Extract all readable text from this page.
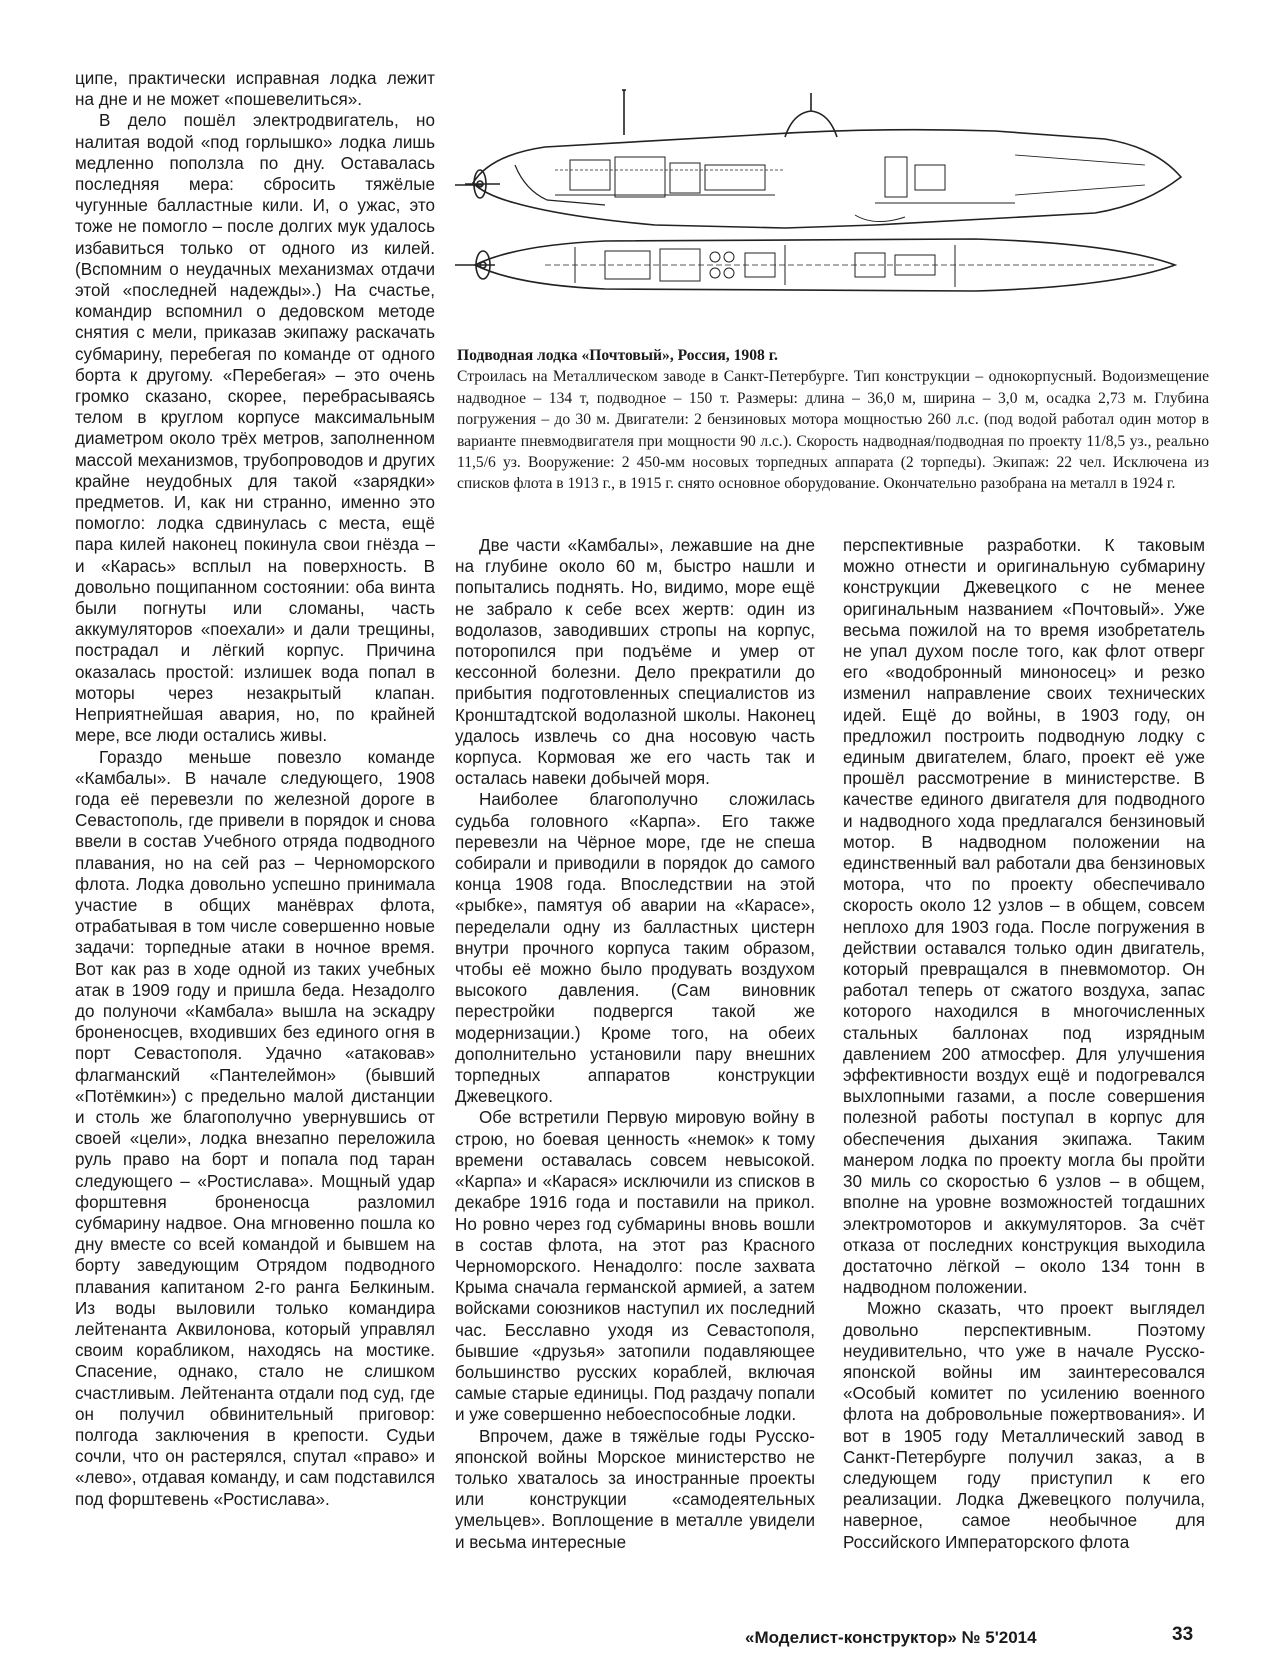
ципе, практически исправная лодка лежит на дне и не может «пошевелиться».

В дело пошёл электродвигатель, но налитая водой «под горлышко» лодка лишь медленно поползла по дну. Оставалась последняя мера: сбросить тяжёлые чугунные балластные кили. И, о ужас, это тоже не помогло – после долгих мук удалось избавиться только от одного из килей. (Вспомним о неудачных механизмах отдачи этой «последней надежды».) На счастье, командир вспомнил о дедовском методе снятия с мели, приказав экипажу раскачать субмарину, перебегая по команде от одного борта к другому. «Перебегая» – это очень громко сказано, скорее, перебрасываясь телом в круглом корпусе максимальным диаметром около трёх метров, заполненном массой механизмов, трубопроводов и других крайне неудобных для такой «зарядки» предметов. И, как ни странно, именно это помогло: лодка сдвинулась с места, ещё пара килей наконец покинула свои гнёзда – и «Карась» всплыл на поверхность. В довольно пощипанном состоянии: оба винта были погнуты или сломаны, часть аккумуляторов «поехали» и дали трещины, пострадал и лёгкий корпус. Причина оказалась простой: излишек вода попал в моторы через незакрытый клапан. Неприятнейшая авария, но, по крайней мере, все люди остались живы.

Гораздо меньше повезло команде «Камбалы». В начале следующего, 1908 года её перевезли по железной дороге в Севастополь, где привели в порядок и снова ввели в состав Учебного отряда подводного плавания, но на сей раз – Черноморского флота. Лодка довольно успешно принимала участие в общих манёврах флота, отрабатывая в том числе совершенно новые задачи: торпедные атаки в ночное время. Вот как раз в ходе одной из таких учебных атак в 1909 году и пришла беда. Незадолго до полуночи «Камбала» вышла на эскадру броненосцев, входивших без единого огня в порт Севастополя. Удачно «атаковав» флагманский «Пантелеймон» (бывший «Потёмкин») с предельно малой дистанции и столь же благополучно увернувшись от своей «цели», лодка внезапно переложила руль право на борт и попала под таран следующего – «Ростислава». Мощный удар форштевня броненосца разломил субмарину надвое. Она мгновенно пошла ко дну вместе со всей командой и бывшем на борту заведующим Отрядом подводного плавания капитаном 2-го ранга Белкиным. Из воды выловили только командира лейтенанта Аквилонова, который управлял своим корабликом, находясь на мостике. Спасение, однако, стало не слишком счастливым. Лейтенанта отдали под суд, где он получил обвинительный приговор: полгода заключения в крепости. Судьи сочли, что он растерялся, спутал «право» и «лево», отдавая команду, и сам подставился под форштевень «Ростислава».

Подводная лодка «Почтовый», Россия, 1908 г.
Строилась на Металлическом заводе в Санкт-Петербурге. Тип конструкции – однокорпусный. Водоизмещение надводное – 134 т, подводное – 150 т. Размеры: длина – 36,0 м, ширина – 3,0 м, осадка 2,73 м. Глубина погружения – до 30 м. Двигатели: 2 бензиновых мотора мощностью 260 л.с. (под водой работал один мотор в варианте пневмодвигателя при мощности 90 л.с.). Скорость надводная/подводная по проекту 11/8,5 уз., реально 11,5/6 уз. Вооружение: 2 450-мм носовых торпедных аппарата (2 торпеды). Экипаж: 22 чел. Исключена из списков флота в 1913 г., в 1915 г. снято основное оборудование. Окончательно разобрана на металл в 1924 г.

Две части «Камбалы», лежавшие на дне на глубине около 60 м, быстро нашли и попытались поднять. Но, видимо, море ещё не забрало к себе всех жертв: один из водолазов, заводивших стропы на корпус, поторопился при подъёме и умер от кессонной болезни. Дело прекратили до прибытия подготовленных специалистов из Кронштадтской водолазной школы. Наконец удалось извлечь со дна носовую часть корпуса. Кормовая же его часть так и осталась навеки добычей моря.

Наиболее благополучно сложилась судьба головного «Карпа». Его также перевезли на Чёрное море, где не спеша собирали и приводили в порядок до самого конца 1908 года. Впоследствии на этой «рыбке», памятуя об аварии на «Карасе», переделали одну из балластных цистерн внутри прочного корпуса таким образом, чтобы её можно было продувать воздухом высокого давления. (Сам виновник перестройки подвергся такой же модернизации.) Кроме того, на обеих дополнительно установили пару внешних торпедных аппаратов конструкции Джевецкого.

Обе встретили Первую мировую войну в строю, но боевая ценность «немок» к тому времени оставалась совсем невысокой. «Карпа» и «Карася» исключили из списков в декабре 1916 года и поставили на прикол. Но ровно через год субмарины вновь вошли в состав флота, на этот раз Красного Черноморского. Ненадолго: после захвата Крыма сначала германской армией, а затем войсками союзников наступил их последний час. Бесславно уходя из Севастополя, бывшие «друзья» затопили подавляющее большинство русских кораблей, включая самые старые единицы. Под раздачу попали и уже совершенно небоеспособные лодки.

Впрочем, даже в тяжёлые годы Русско-японской войны Морское министерство не только хваталось за иностранные проекты или конструкции «самодеятельных умельцев». Воплощение в металле увидели и весьма интересные

перспективные разработки. К таковым можно отнести и оригинальную субмарину конструкции Джевецкого с не менее оригинальным названием «Почтовый». Уже весьма пожилой на то время изобретатель не упал духом после того, как флот отверг его «водобронный миноносец» и резко изменил направление своих технических идей. Ещё до войны, в 1903 году, он предложил построить подводную лодку с единым двигателем, благо, проект её уже прошёл рассмотрение в министерстве. В качестве единого двигателя для подводного и надводного хода предлагался бензиновый мотор. В надводном положении на единственный вал работали два бензиновых мотора, что по проекту обеспечивало скорость около 12 узлов – в общем, совсем неплохо для 1903 года. После погружения в действии оставался только один двигатель, который превращался в пневмомотор. Он работал теперь от сжатого воздуха, запас которого находился в многочисленных стальных баллонах под изрядным давлением 200 атмосфер. Для улучшения эффективности воздух ещё и подогревался выхлопными газами, а после совершения полезной работы поступал в корпус для обеспечения дыхания экипажа. Таким манером лодка по проекту могла бы пройти 30 миль со скоростью 6 узлов – в общем, вполне на уровне возможностей тогдашних электромоторов и аккумуляторов. За счёт отказа от последних конструкция выходила достаточно лёгкой – около 134 тонн в надводном положении.

Можно сказать, что проект выглядел довольно перспективным. Поэтому неудивительно, что уже в начале Русско-японской войны им заинтересовался «Особый комитет по усилению военного флота на добровольные пожертвования». И вот в 1905 году Металлический завод в Санкт-Петербурге получил заказ, а в следующем году приступил к его реализации. Лодка Джевецкого получила, наверное, самое необычное для Российского Императорского флота

«Моделист-конструктор» № 5'2014	33
